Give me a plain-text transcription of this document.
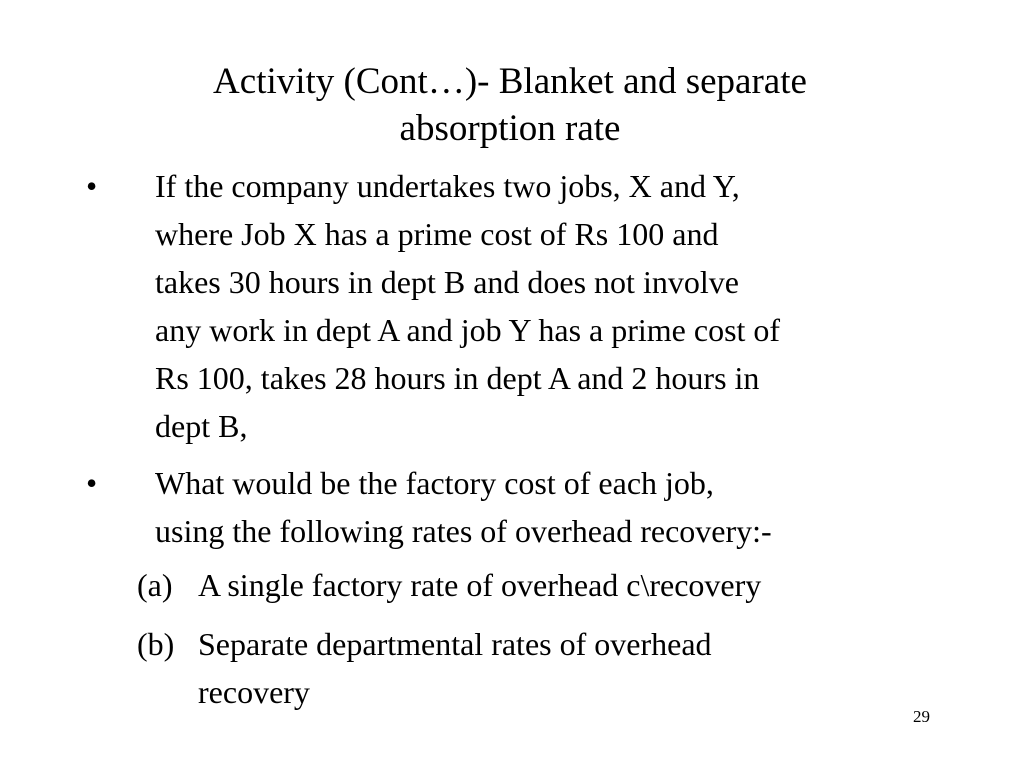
Activity (Cont…)- Blanket and separate
absorption rate
• If the company undertakes two jobs, X and Y,
where Job X has a prime cost of Rs 100 and
takes 30 hours in dept B and does not involve
any work in dept A and job Y has a prime cost of
Rs 100, takes 28 hours in dept A and 2 hours in
dept B,
• What would be the factory cost of each job,
using the following rates of overhead recovery:-
(a) A single factory rate of overhead c\recovery
(b) Separate departmental rates of overhead
recovery
29
